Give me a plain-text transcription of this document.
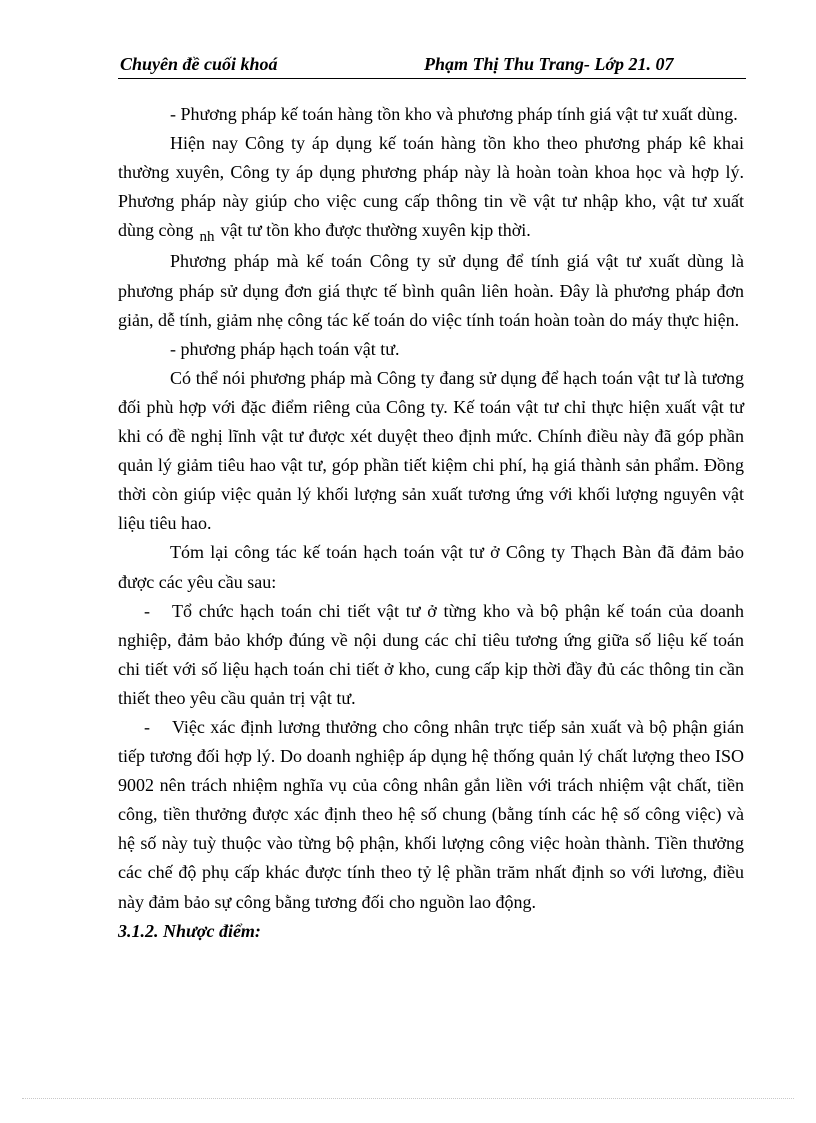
Chuyên đề cuối khoá	Phạm Thị Thu Trang- Lớp 21. 07

- Phương pháp kế toán hàng tồn kho và phương pháp tính giá vật tư xuất dùng.

Hiện nay Công ty áp dụng kế toán hàng tồn kho theo phương pháp kê khai thường xuyên, Công ty áp dụng phương pháp này là hoàn toàn khoa học và hợp lý. Phương pháp này giúp cho việc cung cấp thông tin về vật tư nhập kho, vật tư xuất dùng còng $_{nh}$ vật tư tồn kho được thường xuyên kịp thời.

Phương pháp mà kế toán Công ty sử dụng để tính giá vật tư xuất dùng là phương pháp sử dụng đơn giá thực tế bình quân liên hoàn. Đây là phương pháp đơn giản, dễ tính, giảm nhẹ công tác kế toán do việc tính toán hoàn toàn do máy thực hiện.

- phương pháp hạch toán vật tư.

Có thể nói phương pháp mà Công ty đang sử dụng để hạch toán vật tư là tương đối phù hợp với đặc điểm riêng của Công ty. Kế toán vật tư chỉ thực hiện xuất vật tư khi có đề nghị lĩnh vật tư được xét duyệt theo định mức. Chính điều này đã góp phần quản lý giảm tiêu hao vật tư, góp phần tiết kiệm chi phí, hạ giá thành sản phẩm. Đồng thời còn giúp việc quản lý khối lượng sản xuất tương ứng với khối lượng nguyên vật liệu tiêu hao.

Tóm lại công tác kế toán hạch toán vật tư ở Công ty Thạch Bàn đã đảm bảo được các yêu cầu sau:

-	Tổ chức hạch toán chi tiết vật tư ở từng kho và bộ phận kế toán của doanh nghiệp, đảm bảo khớp đúng về nội dung các chỉ tiêu tương ứng giữa số liệu kế toán chi tiết với số liệu hạch toán chi tiết ở kho, cung cấp kịp thời đầy đủ các thông tin cần thiết theo yêu cầu quản trị vật tư.

-	Việc xác định lương thưởng cho công nhân trực tiếp sản xuất và bộ phận gián tiếp tương đối hợp lý. Do doanh nghiệp áp dụng hệ thống quản lý chất lượng theo ISO 9002 nên trách nhiệm nghĩa vụ của công nhân gắn liền với trách nhiệm vật chất, tiền công, tiền thưởng được xác định theo hệ số chung (bằng tính các hệ số công việc) và hệ số này tuỳ thuộc vào từng bộ phận, khối lượng công việc hoàn thành. Tiền thưởng các chế độ phụ cấp khác được tính theo tỷ lệ phần trăm nhất định so với lương, điều này đảm bảo sự công bằng tương đối cho nguồn lao động.

3.1.2. Nhược điểm:
